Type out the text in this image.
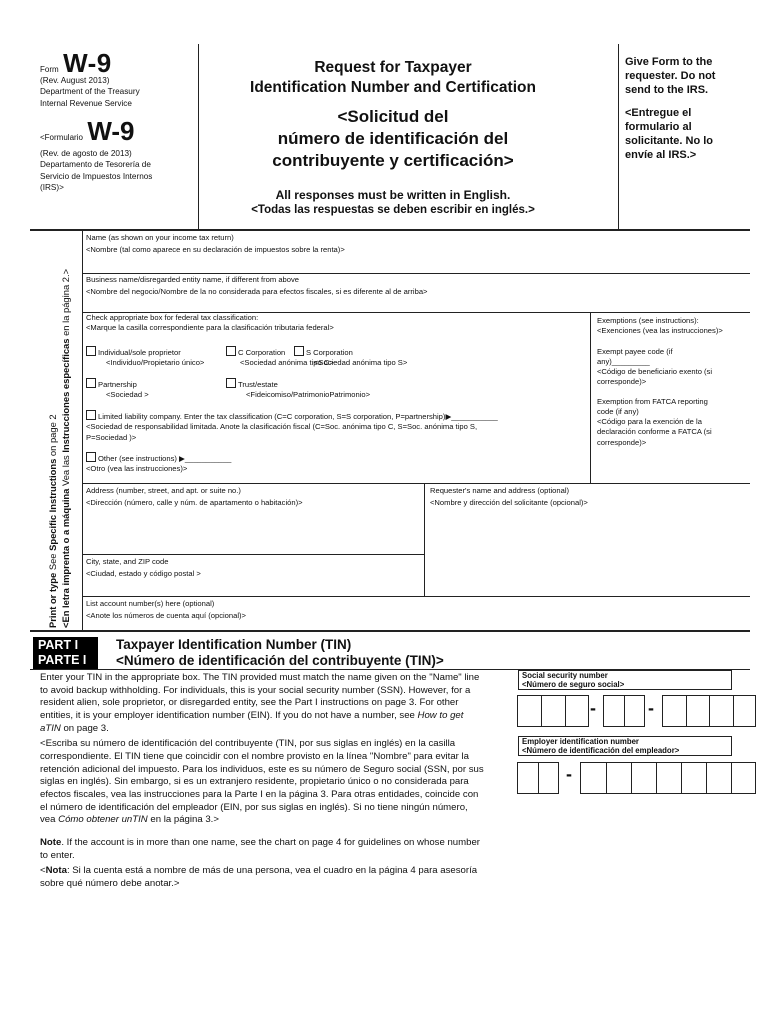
Form W-9
(Rev. August 2013)
Department of the Treasury
Internal Revenue Service
<Formulario W-9
(Rev. de agosto de 2013)
Departamento de Tesorería de
Servicio de Impuestos Internos
(IRS)>
Request for Taxpayer
Identification Number and Certification
<Solicitud del
número de identificación del
contribuyente y certificación>
All responses must be written in English.
<Todas las respuestas se deben escribir en inglés.>
Give Form to the
requester. Do not
send to the IRS.
<Entregue el
formulario al
solicitante. No lo
envíe al IRS.>
Print or type See Specific Instructions on page 2
<En letra imprenta o a máquina Vea las Instrucciones específicas en la página 2.>
Name (as shown on your income tax return)
<Nombre (tal como aparece en su declaración de impuestos sobre la renta)>
Business name/disregarded entity name, if different from above
<Nombre del negocio/Nombre de la no considerada para efectos fiscales, si es diferente al de arriba>
Check appropriate box for federal tax classification:
<Marque la casilla correspondiente para la clasificación tributaria federal>
Individual/sole proprietor
<Individuo/Propietario único>
C Corporation
<Sociedad anónima tipo C>
S Corporation
<Sociedad anónima tipo S>
Partnership
<Sociedad >
Trust/estate
<Fideicomiso/PatrimonioPatrimonio>
Limited liability company. Enter the tax classification (C=C corporation, S=S corporation, P=partnership)▶___________
<Sociedad de responsabilidad limitada. Anote la clasificación fiscal (C=Soc. anónima tipo C, S=Soc. anónima tipo S,
P=Sociedad )>
Other (see instructions) ▶___________
<Otro (vea las instrucciones)>
Exemptions (see instructions):
<Exenciones (vea las instrucciones)>
Exempt payee code (if
any)_________
<Código de beneficiario exento (si
corresponde)>
Exemption from FATCA reporting
code (if any)
<Código para la exención de la
declaración conforme a FATCA (si
corresponde)>
Address (number, street, and apt. or suite no.)
<Dirección (número, calle y núm. de apartamento o habitación)>
Requester's name and address (optional)
<Nombre y dirección del solicitante (opcional)>
City, state, and ZIP code
<Ciudad, estado y código postal >
List account number(s) here (optional)
<Anote los números de cuenta aquí (opcional)>
PART I
PARTE I
Taxpayer Identification Number (TIN)
<Número de identificación del contribuyente (TIN)>

Enter your TIN in the appropriate box. The TIN provided must match the name given on the "Name" line to avoid backup withholding. For individuals, this is your social security number (SSN). However, for a resident alien, sole proprietor, or disregarded entity, see the Part I instructions on page 3. For other entities, it is your employer identification number (EIN). If you do not have a number, see How to get aTIN on page 3.

<Escriba su número de identificación del contribuyente (TIN, por sus siglas en inglés) en la casilla correspondiente. El TIN tiene que coincidir con el nombre provisto en la línea "Nombre" para evitar la retención adicional del impuesto. Para los individuos, este es su número de Seguro social (SSN, por sus siglas en inglés). Sin embargo, si es un extranjero residente, propietario único o no considerada para efectos fiscales, vea las instrucciones para la Parte I en la página 3. Para otras entidades, coincide con el número de identificación del empleador (EIN, por sus siglas en inglés). Si no tiene ningún número, vea Cómo obtener unTIN en la página 3.>

Note. If the account is in more than one name, see the chart on page 4 for guidelines on whose number to enter.

<Nota: Si la cuenta está a nombre de más de una persona, vea el cuadro en la página 4 para asesoría sobre qué número debe anotar.>

Social security number
<Número de seguro social>
-	-
Employer identification number
<Número de identificación del empleador>
-
